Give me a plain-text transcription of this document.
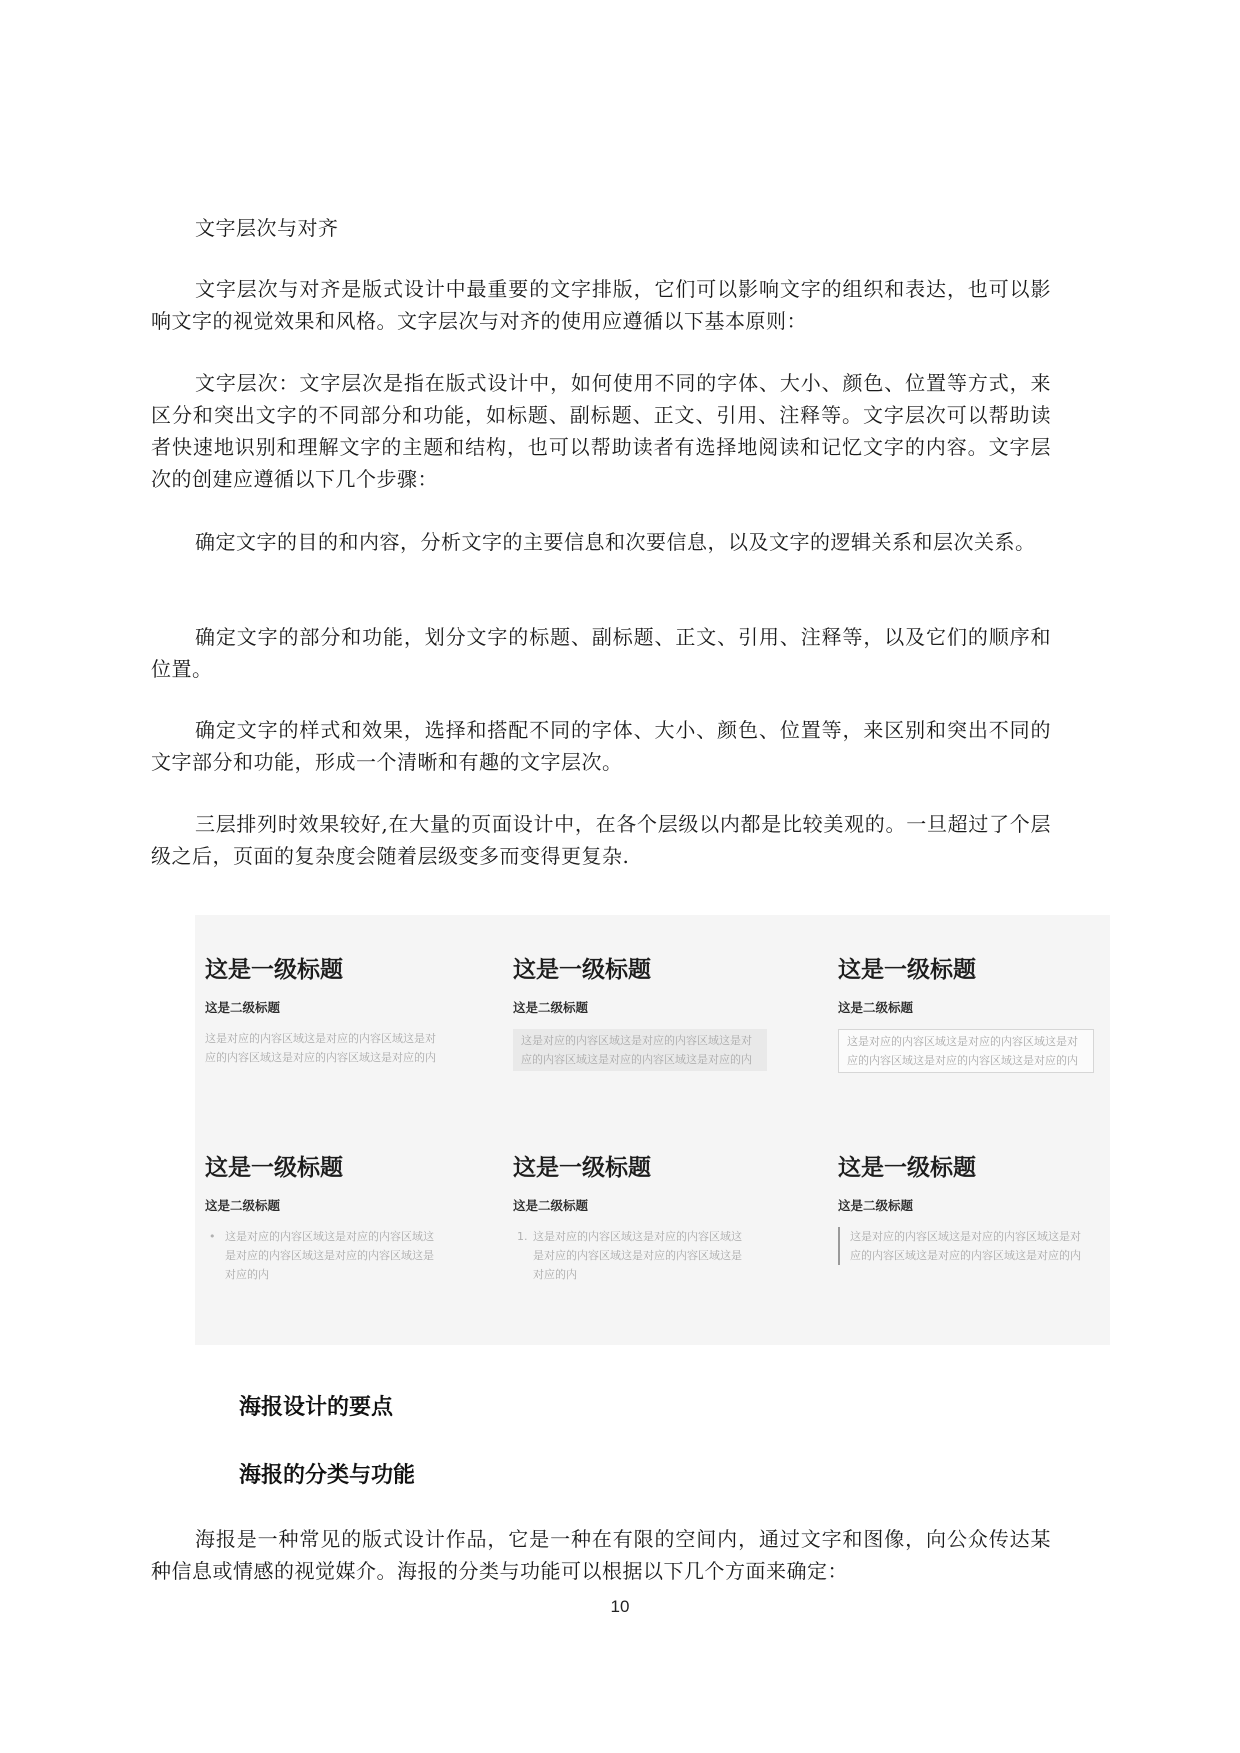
文字层次与对齐

文字层次与对齐是版式设计中最重要的文字排版，它们可以影响文字的组织和表达，也可以影响文字的视觉效果和风格。文字层次与对齐的使用应遵循以下基本原则：

文字层次：文字层次是指在版式设计中，如何使用不同的字体、大小、颜色、位置等方式，来区分和突出文字的不同部分和功能，如标题、副标题、正文、引用、注释等。文字层次可以帮助读者快速地识别和理解文字的主题和结构，也可以帮助读者有选择地阅读和记忆文字的内容。文字层次的创建应遵循以下几个步骤：

确定文字的目的和内容，分析文字的主要信息和次要信息，以及文字的逻辑关系和层次关系。

确定文字的部分和功能，划分文字的标题、副标题、正文、引用、注释等，以及它们的顺序和位置。

确定文字的样式和效果，选择和搭配不同的字体、大小、颜色、位置等，来区别和突出不同的文字部分和功能，形成一个清晰和有趣的文字层次。

三层排列时效果较好,在大量的页面设计中，在各个层级以内都是比较美观的。一旦超过了个层级之后，页面的复杂度会随着层级变多而变得更复杂.

这是一级标题
这是二级标题
这是对应的内容区域这是对应的内容区域这是对应的内容区域这是对应的内容区域这是对应的内
这是一级标题
这是二级标题
这是对应的内容区域这是对应的内容区域这是对应的内容区域这是对应的内容区域这是对应的内
这是一级标题
这是二级标题
这是对应的内容区域这是对应的内容区域这是对应的内容区域这是对应的内容区域这是对应的内
这是一级标题
这是二级标题
• 这是对应的内容区域这是对应的内容区域这是对应的内容区域这是对应的内容区域这是对应的内
这是一级标题
这是二级标题
1. 这是对应的内容区域这是对应的内容区域这是对应的内容区域这是对应的内容区域这是对应的内
这是一级标题
这是二级标题
这是对应的内容区域这是对应的内容区域这是对应的内容区域这是对应的内容区域这是对应的内
海报设计的要点
海报的分类与功能

海报是一种常见的版式设计作品，它是一种在有限的空间内，通过文字和图像，向公众传达某种信息或情感的视觉媒介。海报的分类与功能可以根据以下几个方面来确定：

10
